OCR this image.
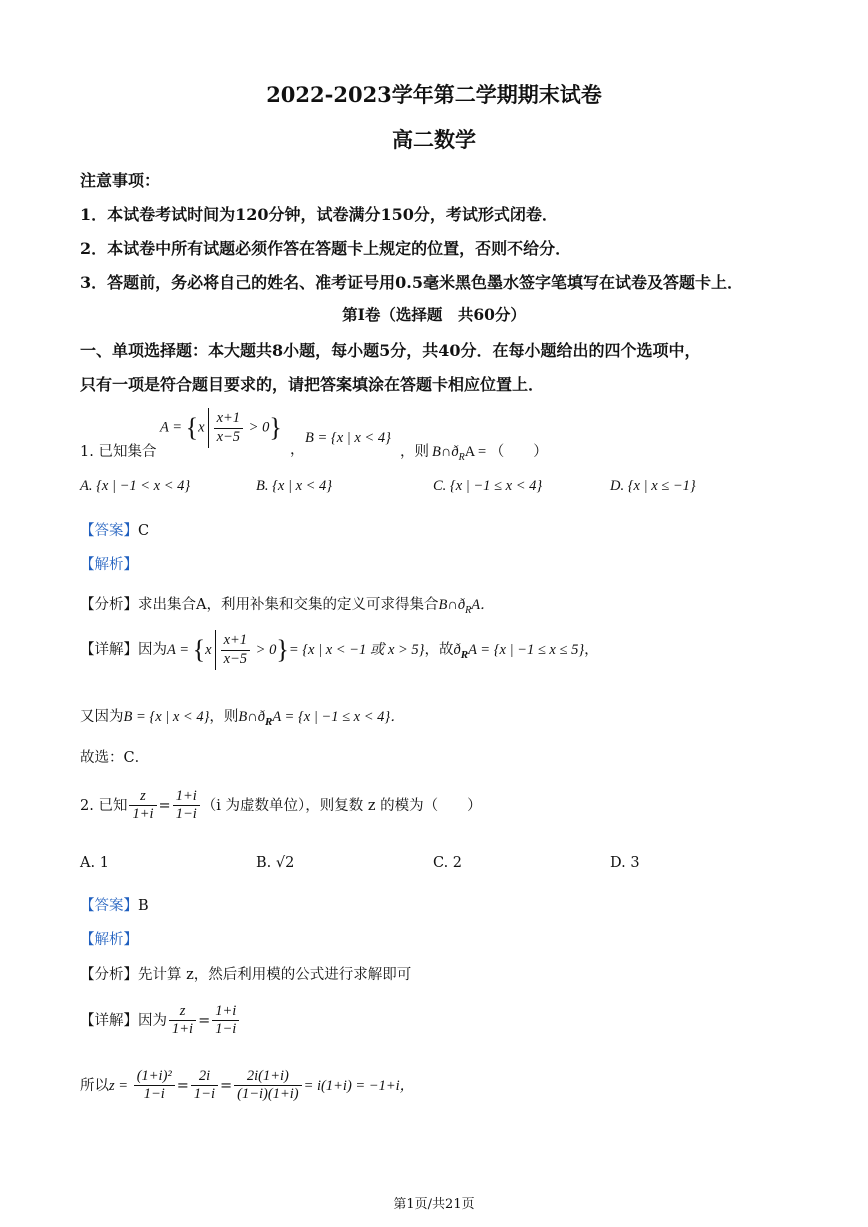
2022-2023学年第二学期期末试卷
高二数学
注意事项：
1．本试卷考试时间为120分钟，试卷满分150分，考试形式闭卷．
2．本试卷中所有试题必须作答在答题卡上规定的位置，否则不给分．
3．答题前，务必将自己的姓名、准考证号用0.5毫米黑色墨水签字笔填写在试卷及答题卡上．
第Ⅰ卷（选择题　共60分）
一、单项选择题：本大题共8小题，每小题5分，共40分．在每小题给出的四个选项中，
只有一项是符合题目要求的，请把答案填涂在答题卡相应位置上．
1. 已知集合
$A = \{x \frac{x+1}{x-5} > 0\}$
，
B = {x | x < 4}
，则 $B\cap ð_RA$ = （　　）
A. {x | −1 < x < 4}	B. {x | x < 4}	C. {x | −1 ≤ x < 4}	D. {x | x ≤ −1}
【答案】C
【解析】
【分析】求出集合A，利用补集和交集的定义可求得集合$B\cap ð_RA$．
【详解】因为$A = \{x \frac{x+1}{x-5} > 0\}= \{x$ | x < −1 或 x > 5}，故$ð_RA = \{x$ | −1 ≤ x ≤ 5}，
又因为B = {x | x < 4}，则$B\cap ð_RA = \{x$ | −1 ≤ x < 4}．
故选：C．
2. 已知 $\frac{z}{1+i} = \frac{1+i}{1-i} (i$ 为虚数单位），则复数 z 的模为（　　）
A. 1	B. √2	C. 2	D. 3
【答案】B
【解析】
【分析】先计算 z，然后利用模的公式进行求解即可
【详解】因为 $\frac{z}{1+i} = \frac{1+i}{1-i}$
所以$z = \frac{\text{(1+i)²}}{1-i} = \frac{2i}{1-i} = \frac{2i(1+i)}{(1-i)(1+i)} = i(1+i) = -1+i$，
第1页/共21页
